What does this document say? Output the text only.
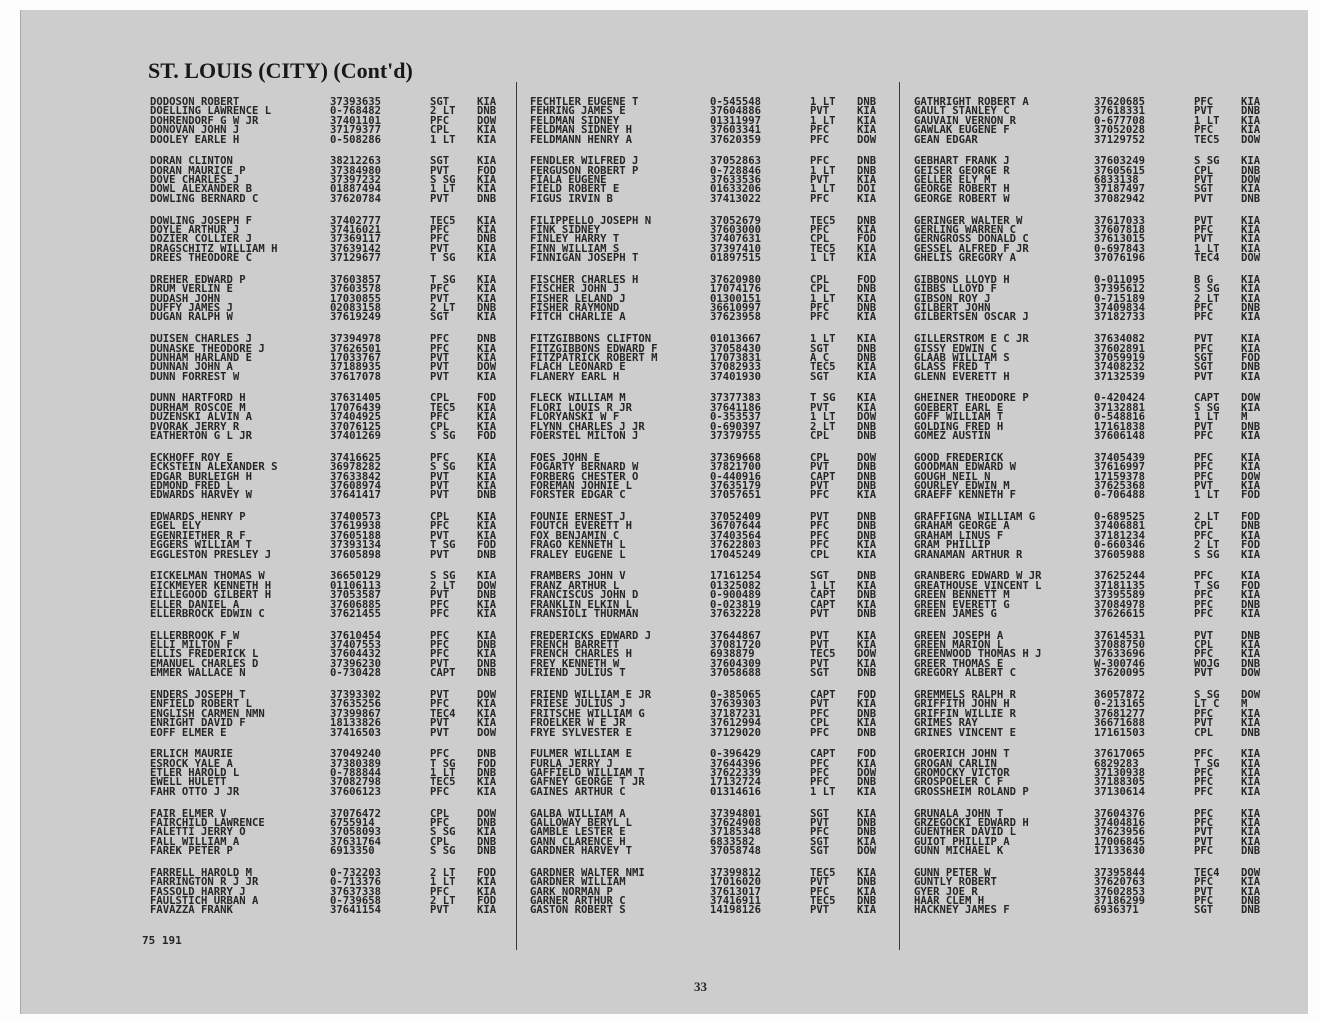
ST. LOUIS (CITY) (Cont'd)
DODOSON ROBERT	37393635	SGT	KIA
DOELLING LAWRENCE L	0-768482	2 LT DNB
DOHRENDORF G W JR	37401101	PFC	DOW
DONOVAN JOHN J	37179377	CPL	KIA
DOOLEY EARLE H	0-508286	1 LT KIA
DORAN CLINTON	38212263	SGT	KIA
DORAN MAURICE P	37384980	PVT	FOD
DOVE CHARLES J	37397232	S SG KIA
DOWL ALEXANDER B	01887494	1 LT KIA
DOWLING BERNARD C	37620784	PVT	DNB
DOWLING JOSEPH F	37402777	TEC5 KIA
DOYLE ARTHUR J	37416021	PFC	KIA
DOZIER COLLIER J	37369117	PFC	DNB
DRAGSCHITZ WILLIAM H	37639142	PVT	KIA
DREES THEODORE C	37129677	T SG KIA
DREHER EDWARD P	37603857	T SG KIA
DRUM VERLIN E	37603578	PFC	KIA
DUDASH JOHN	17030855	PVT	KIA
DUFFY JAMES J	02083158	2 LT DNB
DUGAN RALPH W	37619249	SGT	KIA
DUISEN CHARLES J	37394978	PFC	DNB
DUNASKE THEODORE J	37626501	PFC	KIA
DUNHAM HARLAND E	17033767	PVT	KIA
DUNNAN JOHN A	37188935	PVT	DOW
DUNN FORREST W	37617078	PVT	KIA
DUNN HARTFORD H	37631405	CPL	FOD
DURHAM ROSCOE M	17076439	TEC5 KIA
DUZENSKI ALVIN A	37404925	PFC	KIA
DVORAK JERRY R	37076125	CPL	KIA
EATHERTON G L JR	37401269	S SG FOD
ECKHOFF ROY E	37416625	PFC	KIA
ECKSTEIN ALEXANDER S	36978282	S SG KIA
EDGAR BURLEIGH H	37633842	PVT	KIA
EDMOND FRED L	37608974	PVT	KIA
EDWARDS HARVEY W	37641417	PVT	DNB
EDWARDS HENRY P	37400573	CPL	KIA
EGEL ELY	37619938	PFC	KIA
EGENRIETHER R F	37605188	PVT	KIA
EGGERS WILLIAM T	37393134	T SG FOD
EGGLESTON PRESLEY J	37605898	PVT	DNB
EICKELMAN THOMAS W	36650129	S SG KIA
EICKMEYER KENNETH H	01106113	2 LT DOW
EILLEGOOD GILBERT H	37053587	PVT	DNB
ELLER DANIEL A	37606885	PFC	KIA
ELLERBROCK EDWIN C	37621455	PFC	KIA
ELLERBROOK F W	37610454	PFC	KIA
ELLI MILTON F	37407553	PFC	DNB
ELLIS FREDERICK L	37604432	PFC	KIA
EMANUEL CHARLES D	37396230	PVT	DNB
EMMER WALLACE N	0-730428	CAPT DNB
ENDERS JOSEPH T	37393302	PVT	DOW
ENFIELD ROBERT L	37635256	PFC	KIA
ENGLISH CARMEN NMN	37399867	TEC4 KIA
ENRIGHT DAVID F	18133826	PVT	KIA
EOFF ELMER E	37416503	PVT	DOW
ERLICH MAURIE	37049240	PFC	DNB
ESROCK YALE A	37380389	T SG FOD
ETLER HAROLD L	0-788844	1 LT DNB
EWELL HULETT	37082798	TEC5 KIA
FAHR OTTO J JR	37606123	PFC	KIA
FAIR ELMER V	37076472	CPL	DOW
FAIRCHILD LAWRENCE	6755914	PFC	DNB
FALETTI JERRY O	37058093	S SG KIA
FALL WILLIAM A	37631764	CPL	DNB
FAREK PETER P	6913350	S SG DNB
FARRELL HAROLD M	0-732203	2 LT FOD
FARRINGTON R J JR	0-713376	1 LT KIA
FASSOLD HARRY J	37637338	PFC	KIA
FAULSTICH URBAN A	0-739658	2 LT FOD
FAVAZZA FRANK	37641154	PVT	KIA
FECHTLER EUGENE T	0-545548	1 LT DNB
FEHRING JAMES E	37604886	PVT	KIA
FELDMAN SIDNEY	01311997	1 LT KIA
FELDMAN SIDNEY H	37603341	PFC	KIA
FELDMANN HENRY A	37620359	PFC	DOW
FENDLER WILFRED J	37052863	PFC	DNB
FERGUSON ROBERT P	0-728846	1 LT DNB
FIALA EUGENE	37633536	PVT	KIA
FIELD ROBERT E	01633206	1 LT DOI
FIGUS IRVIN B	37413022	PFC	KIA
FILIPPELLO JOSEPH N	37052679	TEC5 DNB
FINK SIDNEY	37603000	PFC	KIA
FINLEY HARRY T	37407631	CPL	FOD
FINN WILLIAM S	37397410	TEC5 KIA
FINNIGAN JOSEPH T	01897515	1 LT KIA
FISCHER CHARLES H	37620980	CPL	FOD
FISCHER JOHN J	17074176	CPL	DNB
FISHER LELAND J	01300151	1 LT KIA
FISHER RAYMOND	36610997	PFC	DNB
FITCH CHARLIE A	37623958	PFC	KIA
FITZGIBBONS CLIFTON	01013667	1 LT KIA
FITZGIBBONS EDWARD F	37058430	SGT	DNB
FITZPATRICK ROBERT M	17073831	A C	DNB
FLACH LEONARD E	37082933	TEC5 KIA
FLANERY EARL H	37401930	SGT	KIA
FLECK WILLIAM M	37377383	T SG KIA
FLORI LOUIS R JR	37641186	PVT	KIA
FLORYANSKI W F	0-353537	1 LT DOW
FLYNN CHARLES J JR	0-690397	2 LT DNB
FOERSTEL MILTON J	37379755	CPL	DNB
FOES JOHN E	37369668	CPL	DOW
FOGARTY BERNARD W	37821700	PVT	DNB
FORBERG CHESTER O	0-440916	CAPT DNB
FOREMAN JOHNIE L	37635179	PVT	DNB
FORSTER EDGAR C	37057651	PFC	KIA
FOUNIE ERNEST J	37052409	PVT	DNB
FOUTCH EVERETT H	36707644	PFC	DNB
FOX BENJAMIN C	37403564	PFC	DNB
FRAGO KENNETH L	37622803	PFC	KIA
FRALEY EUGENE L	17045249	CPL	KIA
FRAMBERS JOHN V	17161254	SGT	DNB
FRANZ ARTHUR L	01325082	1 LT KIA
FRANCISCUS JOHN D	0-900489	CAPT DNB
FRANKLIN ELKIN L	0-023819	CAPT KIA
FRANSIOLI THURMAN	37632228	PVT	DNB
FREDERICKS EDWARD J	37644867	PVT	KIA
FRENCH BARRETT	37081720	PVT	KIA
FRENCH CHARLES H	6938879	TEC5 DOW
FREY KENNETH W	37604309	PVT	KIA
FRIEND JULIUS T	37058688	SGT	DNB
FRIEND WILLIAM E JR	0-385065	CAPT FOD
FRIESE JULIUS J	37639303	PVT	KIA
FRITSCHE WILLIAM G	37187231	PFC	DNB
FROELKER W E JR	37612994	CPL	KIA
FRYE SYLVESTER E	37129020	PFC	DNB
FULMER WILLIAM E	0-396429	CAPT FOD
FURLA JERRY J	37644396	PFC	KIA
GAFFIELD WILLIAM T	37622339	PFC	DOW
GAFNEY GEORGE T JR	17132724	PFC	DNB
GAINES ARTHUR C	01314616	1 LT KIA
GALBA WILLIAM A	37394801	SGT	KIA
GALLOWAY BERYL L	37624908	PVT	DNB
GAMBLE LESTER E	37185348	PFC	DNB
GANN CLARENCE H	6833582	SGT	KIA
GARDNER HARVEY T	37058748	SGT	DOW
GARDNER WALTER NMI	37399812	TEC5 KIA
GARDNER WILLIAM	17016020	PVT	DNB
GARK NORMAN P	37613017	PFC	KIA
GARNER ARTHUR C	37416911	TEC5 DNB
GASTON ROBERT S	14198126	PVT	KIA
GATHRIGHT ROBERT A	37620685	PFC	KIA
GAULT STANLEY C	37618331	PVT	DNB
GAUVAIN VERNON R	0-677708	1 LT KIA
GAWLAK EUGENE F	37052028	PFC	KIA
GEAN EDGAR	37129752	TEC5 DOW
GEBHART FRANK J	37603249	S SG KIA
GEISER GEORGE R	37605615	CPL	DNB
GELLER ELY M	6833138	PVT	DOW
GEORGE ROBERT H	37187497	SGT	KIA
GEORGE ROBERT W	37082942	PVT	DNB
GERINGER WALTER W	37617033	PVT	KIA
GERLING WARREN C	37607818	PFC	KIA
GERNGROSS DONALD C	37613015	PVT	KIA
GESSEL ALFRED F JR	0-697843	1 LT KIA
GHELIS GREGORY A	37076196	TEC4 DOW
GIBBONS LLOYD H	0-011095	B G	KIA
GIBBS LLOYD F	37395612	S SG KIA
GIBSON ROY J	0-715189	2 LT KIA
GILBERT JOHN	37409834	PFC	DNB
GILBERTSEN OSCAR J	37182733	PFC	KIA
GILLERSTROM E C JR	37634082	PVT	KIA
GISSY EDWIN C	37602891	PFC	KIA
GLAAB WILLIAM S	37059919	SGT	FOD
GLASS FRED T	37408232	SGT	DNB
GLENN EVERETT H	37132539	PVT	KIA
GHEINER THEODORE P	0-420424	CAPT DOW
GOEBERT EARL E	37132881	S SG KIA
GOFF WILLIAM T	0-548816	1 LT M
GOLDING FRED H	17161838	PVT	DNB
GOMEZ AUSTIN	37606148	PFC	KIA
GOOD FREDERICK	37405439	PFC	KIA
GOODMAN EDWARD W	37616997	PFC	KIA
GOUGH NEIL N	17159378	PFC	DOW
GOURLEY EDWIN M	37625368	PVT	KIA
GRAEFF KENNETH F	0-706488	1 LT FOD
GRAFFIGNA WILLIAM G	0-689525	2 LT FOD
GRAHAM GEORGE A	37406881	CPL	DNB
GRAHAM LINUS F	37181234	PFC	KIA
GRAM PHILLIP	0-660346	2 LT FOD
GRANAMAN ARTHUR R	37605988	S SG KIA
GRANBERG EDWARD W JR	37625244	PFC	KIA
GREATHOUSE VINCENT L	37181135	T SG FOD
GREEN BENNETT M	37395589	PFC	KIA
GREEN EVERETT G	37084978	PFC	DNB
GREEN JAMES G	37626615	PFC	KIA
GREEN JOSEPH A	37614531	PVT	DNB
GREEN MARION L	37088750	CPL	KIA
GREENWOOD THOMAS H J	37633696	PFC	KIA
GREER THOMAS E	W-300746	WOJG DNB
GREGORY ALBERT C	37620095	PVT	DOW
GREMMELS RALPH R	36057872	S SG DOW
GRIFFITH JOHN H	0-213165	LT C M
GRIFFIN WILLIE R	37681277	PFC	KIA
GRIMES RAY	36671688	PVT	KIA
GRINES VINCENT E	17161503	CPL	DNB
GROERICH JOHN T	37617065	PFC	KIA
GROGAN CARLIN	6829283	T SG KIA
GROMOCKY VICTOR	37130938	PFC	KIA
GROSPOELER C F	37188305	PFC	KIA
GROSSHEIM ROLAND P	37130614	PFC	KIA
GRUNALA JOHN T	37604376	PFC	KIA
GRZEGOCKI EDWARD H	37404816	PFC	KIA
GUENTHER DAVID L	37623956	PVT	KIA
GUIOT PHILLIP A	17006845	PVT	KIA
GUNN MICHAEL K	17133630	PFC	DNB
GUNN PETER W	37395844	TEC4 DOW
GUNTLY ROBERT	37620763	PFC	KIA
GYER JOE R	37602853	PVT	KIA
HAAR CLEM H	37186299	PFC	DNB
HACKNEY JAMES F	6936371	SGT	DNB
75 191
33
